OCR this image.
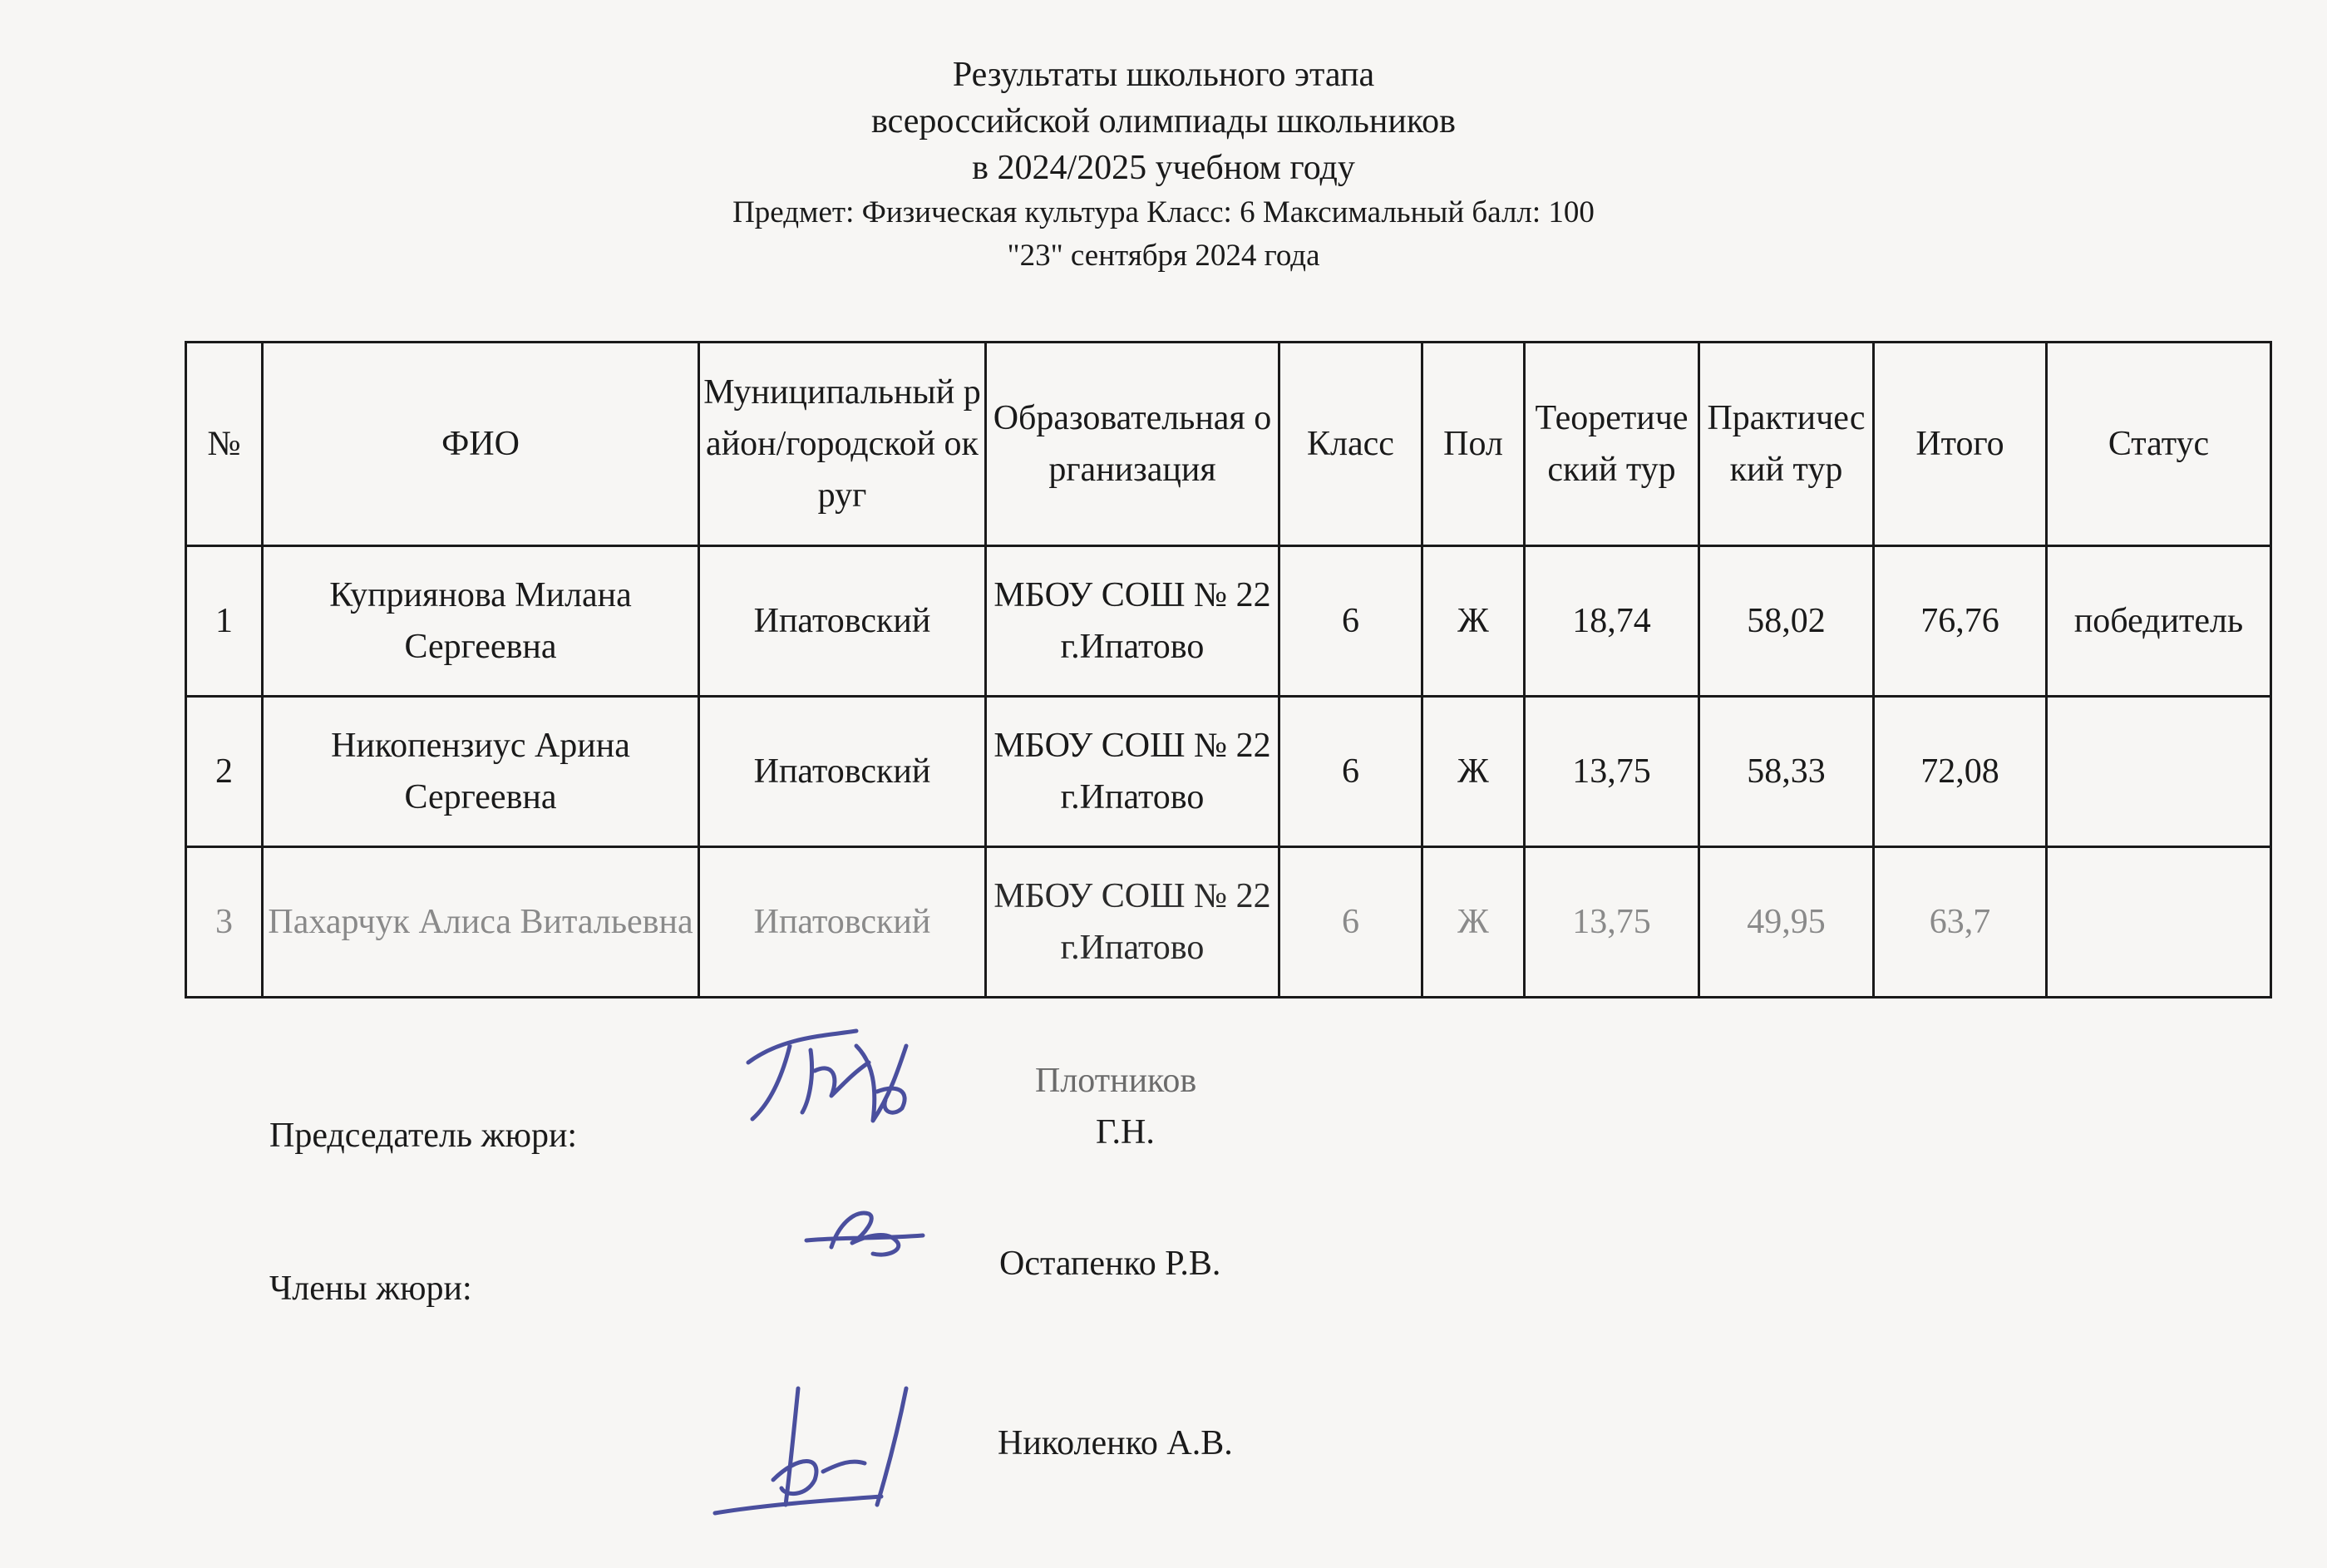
Результаты школьного этапа
всероссийской олимпиады школьников
в 2024/2025 учебном году
Предмет: Физическая культура Класс: 6 Максимальный балл: 100
"23" сентября 2024 года
№	ФИО	Муниципальный район/городской округ	Образовательная организация	Класс	Пол	Теоретический тур	Практический тур	Итого	Статус
1	Куприянова Милана Сергеевна	Ипатовский	МБОУ СОШ № 22 г.Ипатово	6	Ж	18,74	58,02	76,76	победитель
2	Никопензиус Арина Сергеевна	Ипатовский	МБОУ СОШ № 22 г.Ипатово	6	Ж	13,75	58,33	72,08	
3	Пахарчук Алиса Витальевна	Ипатовский	МБОУ СОШ № 22 г.Ипатово	6	Ж	13,75	49,95	63,7	
Председатель жюри:
Плотников
Г.Н.
Члены жюри:
Остапенко Р.В.
Николенко А.В.
